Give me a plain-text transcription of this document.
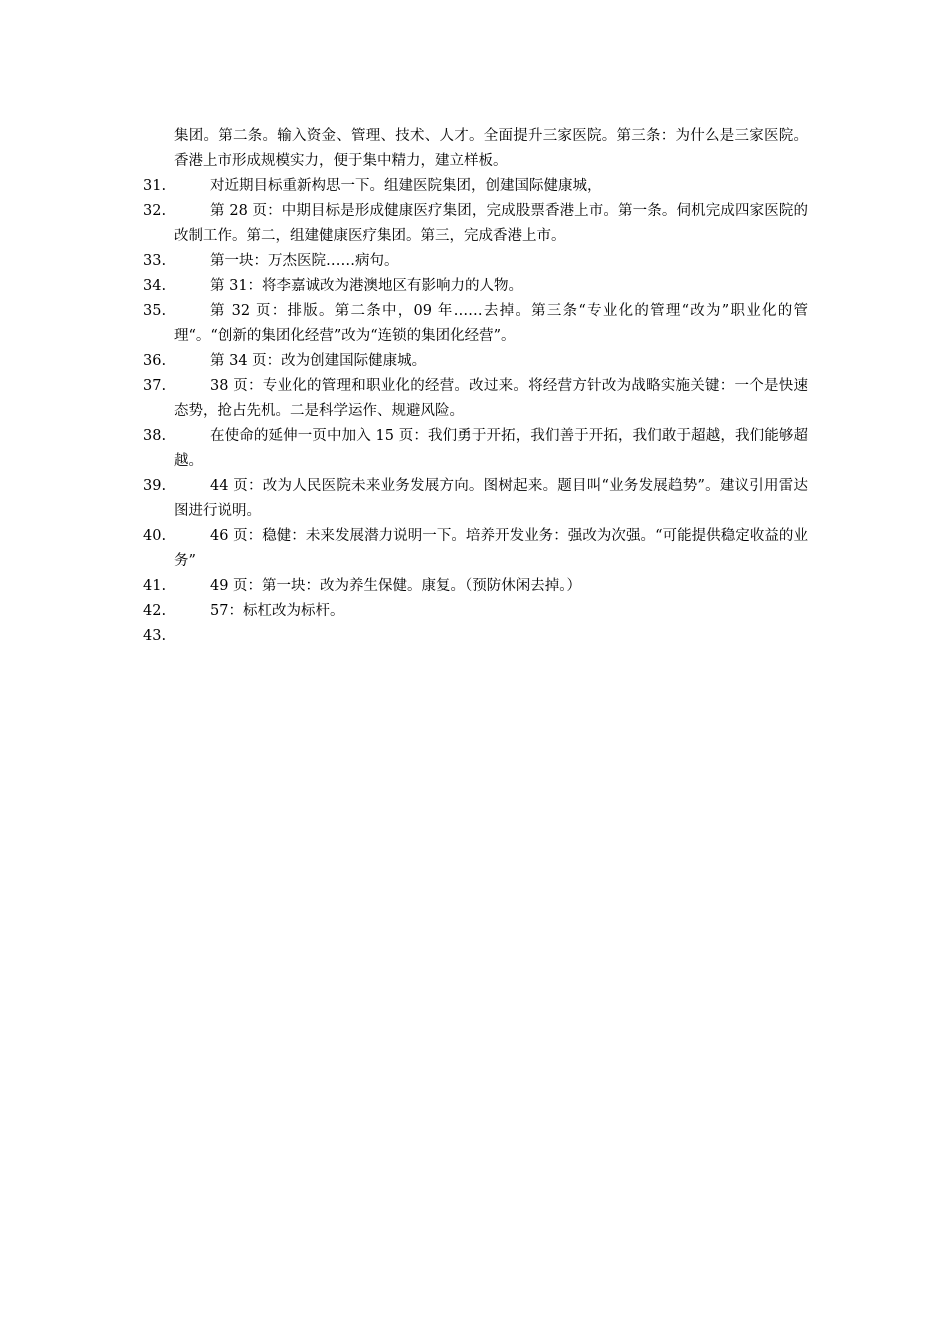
集团。第二条。输入资金、管理、技术、人才。全面提升三家医院。第三条：为什么是三家医院。香港上市形成规模实力，便于集中精力，建立样板。
31.	对近期目标重新构思一下。组建医院集团，创建国际健康城，
32.	第 28 页：中期目标是形成健康医疗集团，完成股票香港上市。第一条。伺机完成四家医院的改制工作。第二，组建健康医疗集团。第三，完成香港上市。
33.	第一块：万杰医院……病句。
34.	第 31：将李嘉诚改为港澳地区有影响力的人物。
35.	第 32 页：排版。第二条中，09 年……去掉。第三条“专业化的管理“改为”职业化的管理“。“创新的集团化经营”改为“连锁的集团化经营”。
36.	第 34 页：改为创建国际健康城。
37.	38 页：专业化的管理和职业化的经营。改过来。将经营方针改为战略实施关键：一个是快速态势，抢占先机。二是科学运作、规避风险。
38.	在使命的延伸一页中加入 15 页：我们勇于开拓，我们善于开拓，我们敢于超越，我们能够超越。
39.	44 页：改为人民医院未来业务发展方向。图树起来。题目叫“业务发展趋势”。建议引用雷达图进行说明。
40.	46 页：稳健：未来发展潜力说明一下。培养开发业务：强改为次强。“可能提供稳定收益的业务”
41.	49 页：第一块：改为养生保健。康复。（预防休闲去掉。）
42.	57：标杠改为标杆。
43.
